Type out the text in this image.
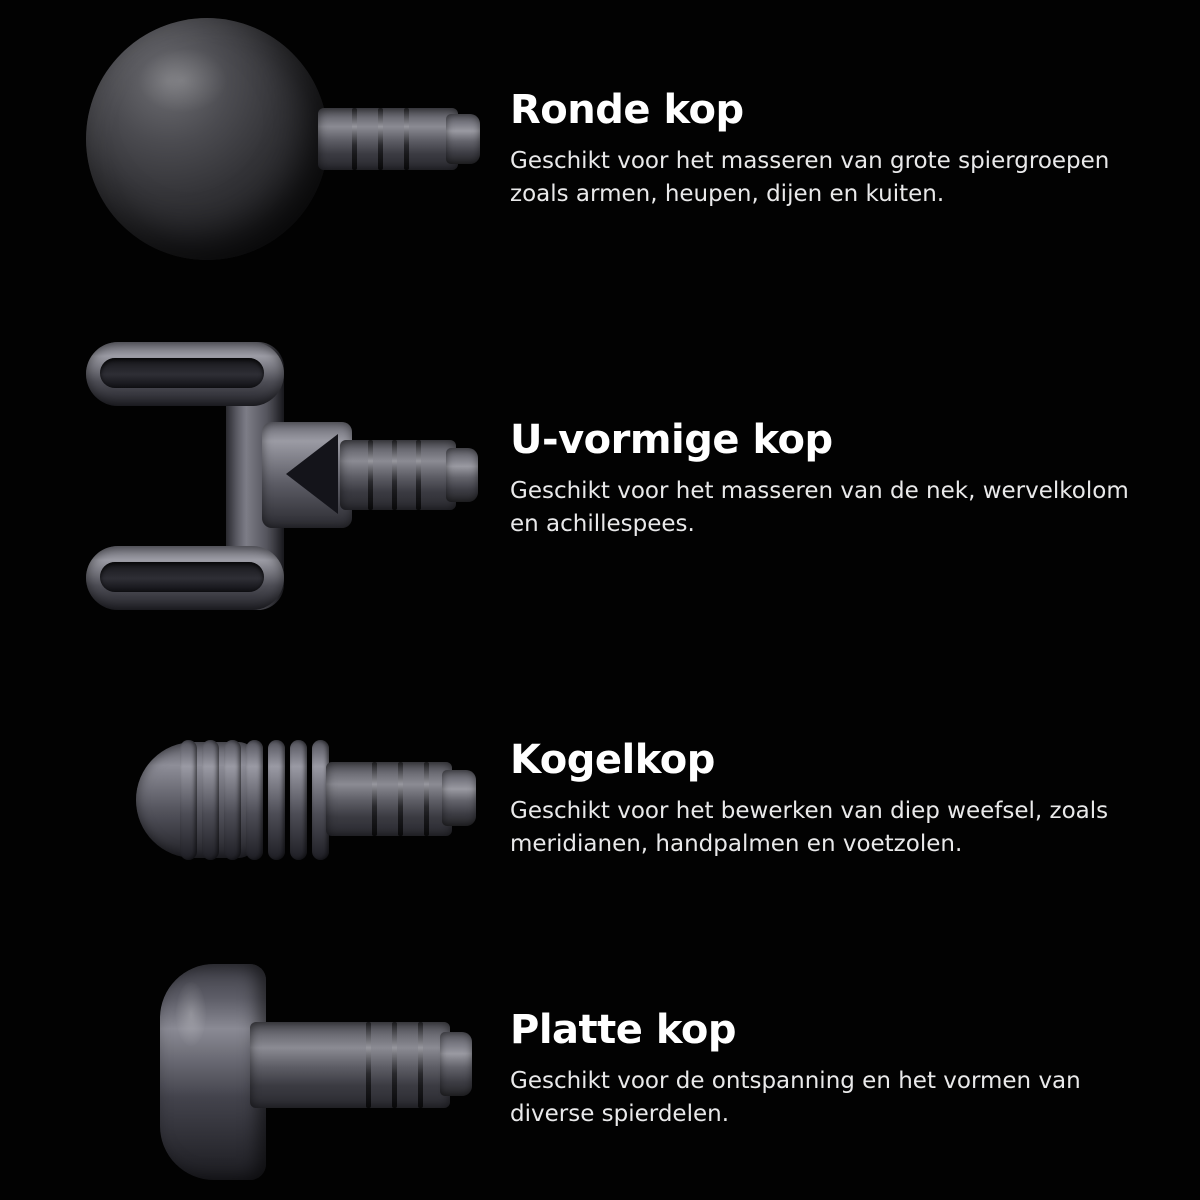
Ronde kop

Geschikt voor het masseren van grote spiergroepen zoals armen, heupen, dijen en kuiten.

U-vormige kop

Geschikt voor het masseren van de nek, wervelkolom en achillespees.

Kogelkop

Geschikt voor het bewerken van diep weefsel, zoals meridianen, handpalmen en voetzolen.

Platte kop

Geschikt voor de ontspanning en het vormen van diverse spierdelen.
